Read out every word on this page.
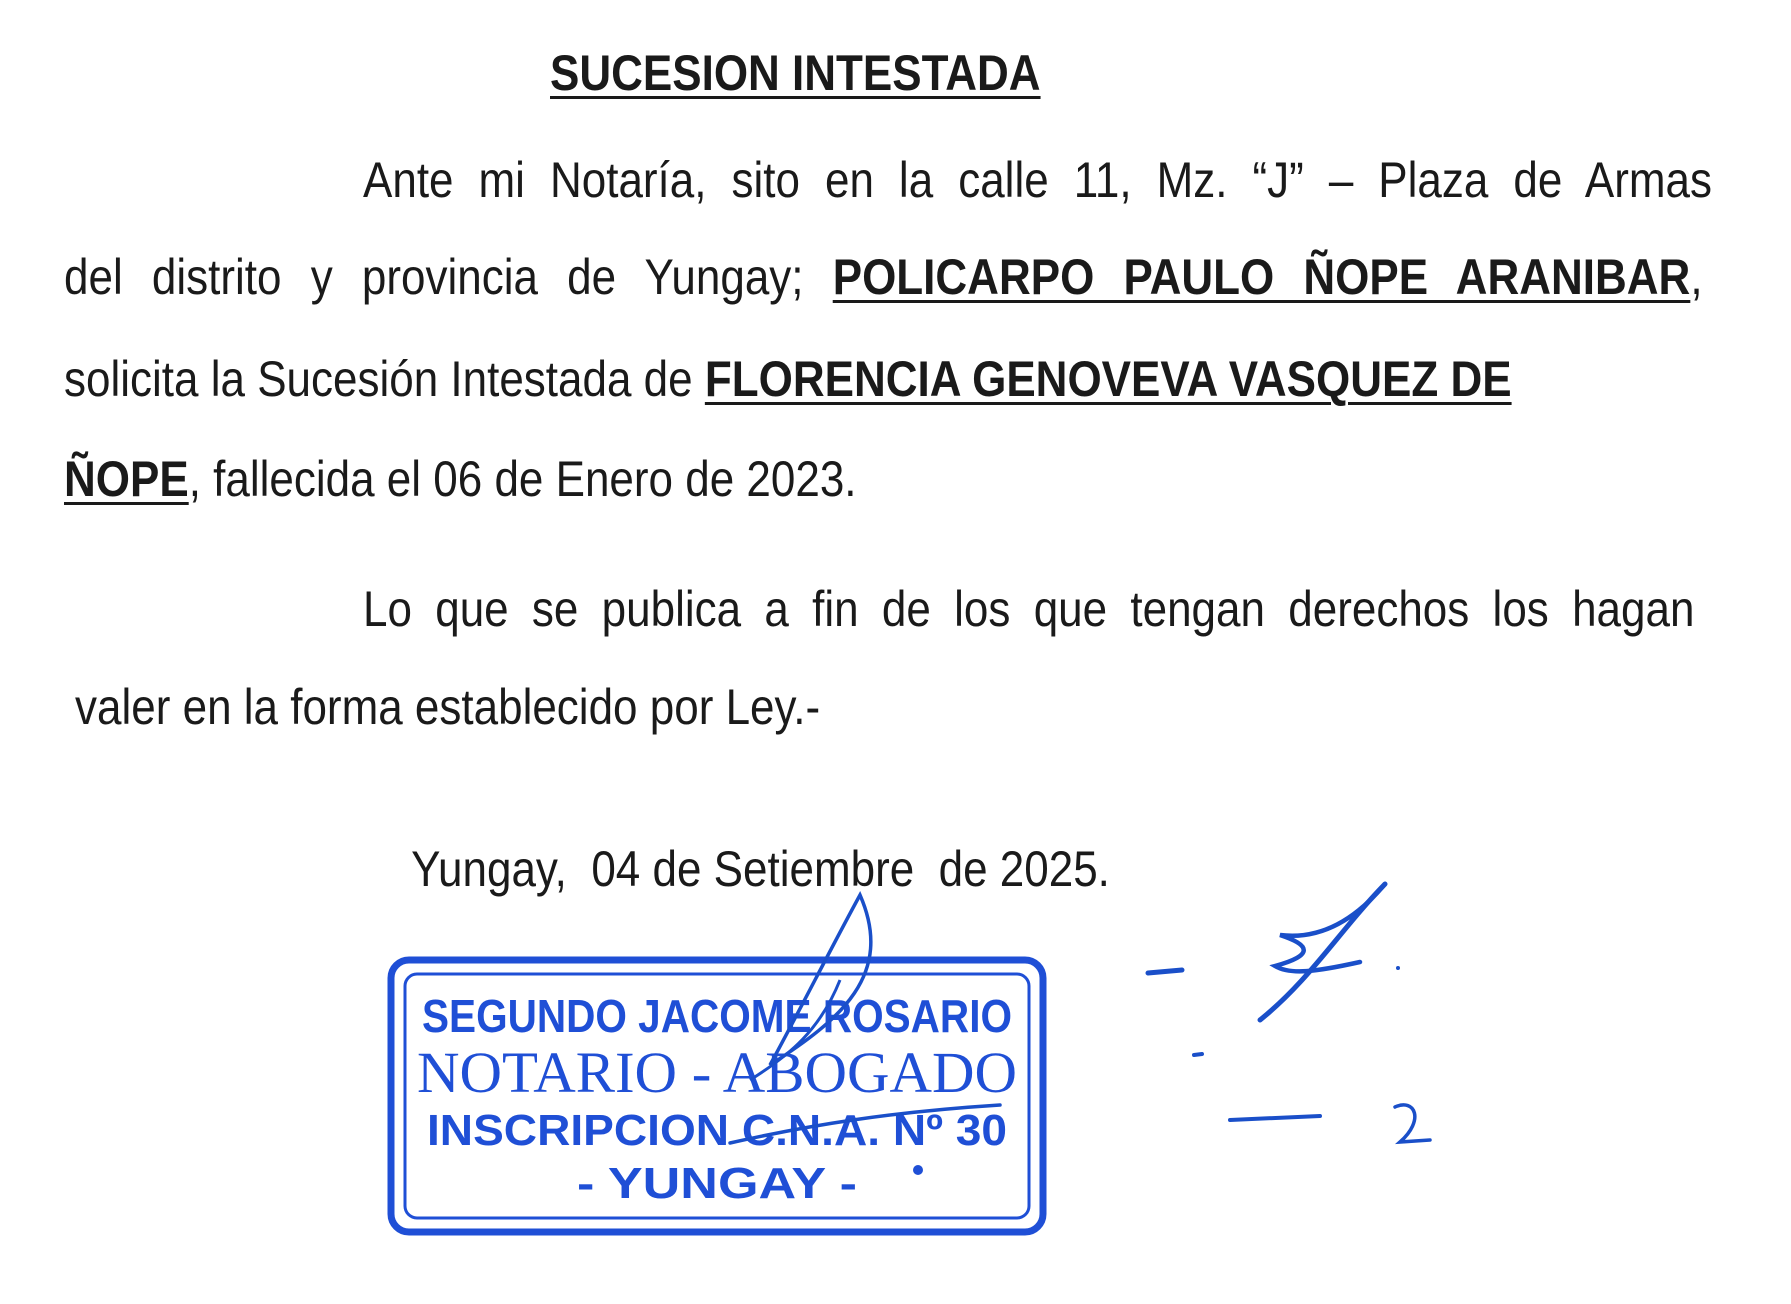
SUCESION INTESTADA
Ante mi Notaría, sito en la calle 11, Mz. “J” – Plaza de Armas
del distrito y provincia de Yungay; POLICARPO PAULO ÑOPE ARANIBAR,
solicita la Sucesión Intestada de FLORENCIA GENOVEVA VASQUEZ DE
ÑOPE, fallecida el 06 de Enero de 2023.
Lo que se publica a fin de los que tengan derechos los hagan
valer en la forma establecido por Ley.-

Yungay,  04 de Setiembre  de 2025.

SEGUNDO JACOME ROSARIO
NOTARIO - ABOGADO
INSCRIPCION C.N.A. Nº 30
- YUNGAY -
